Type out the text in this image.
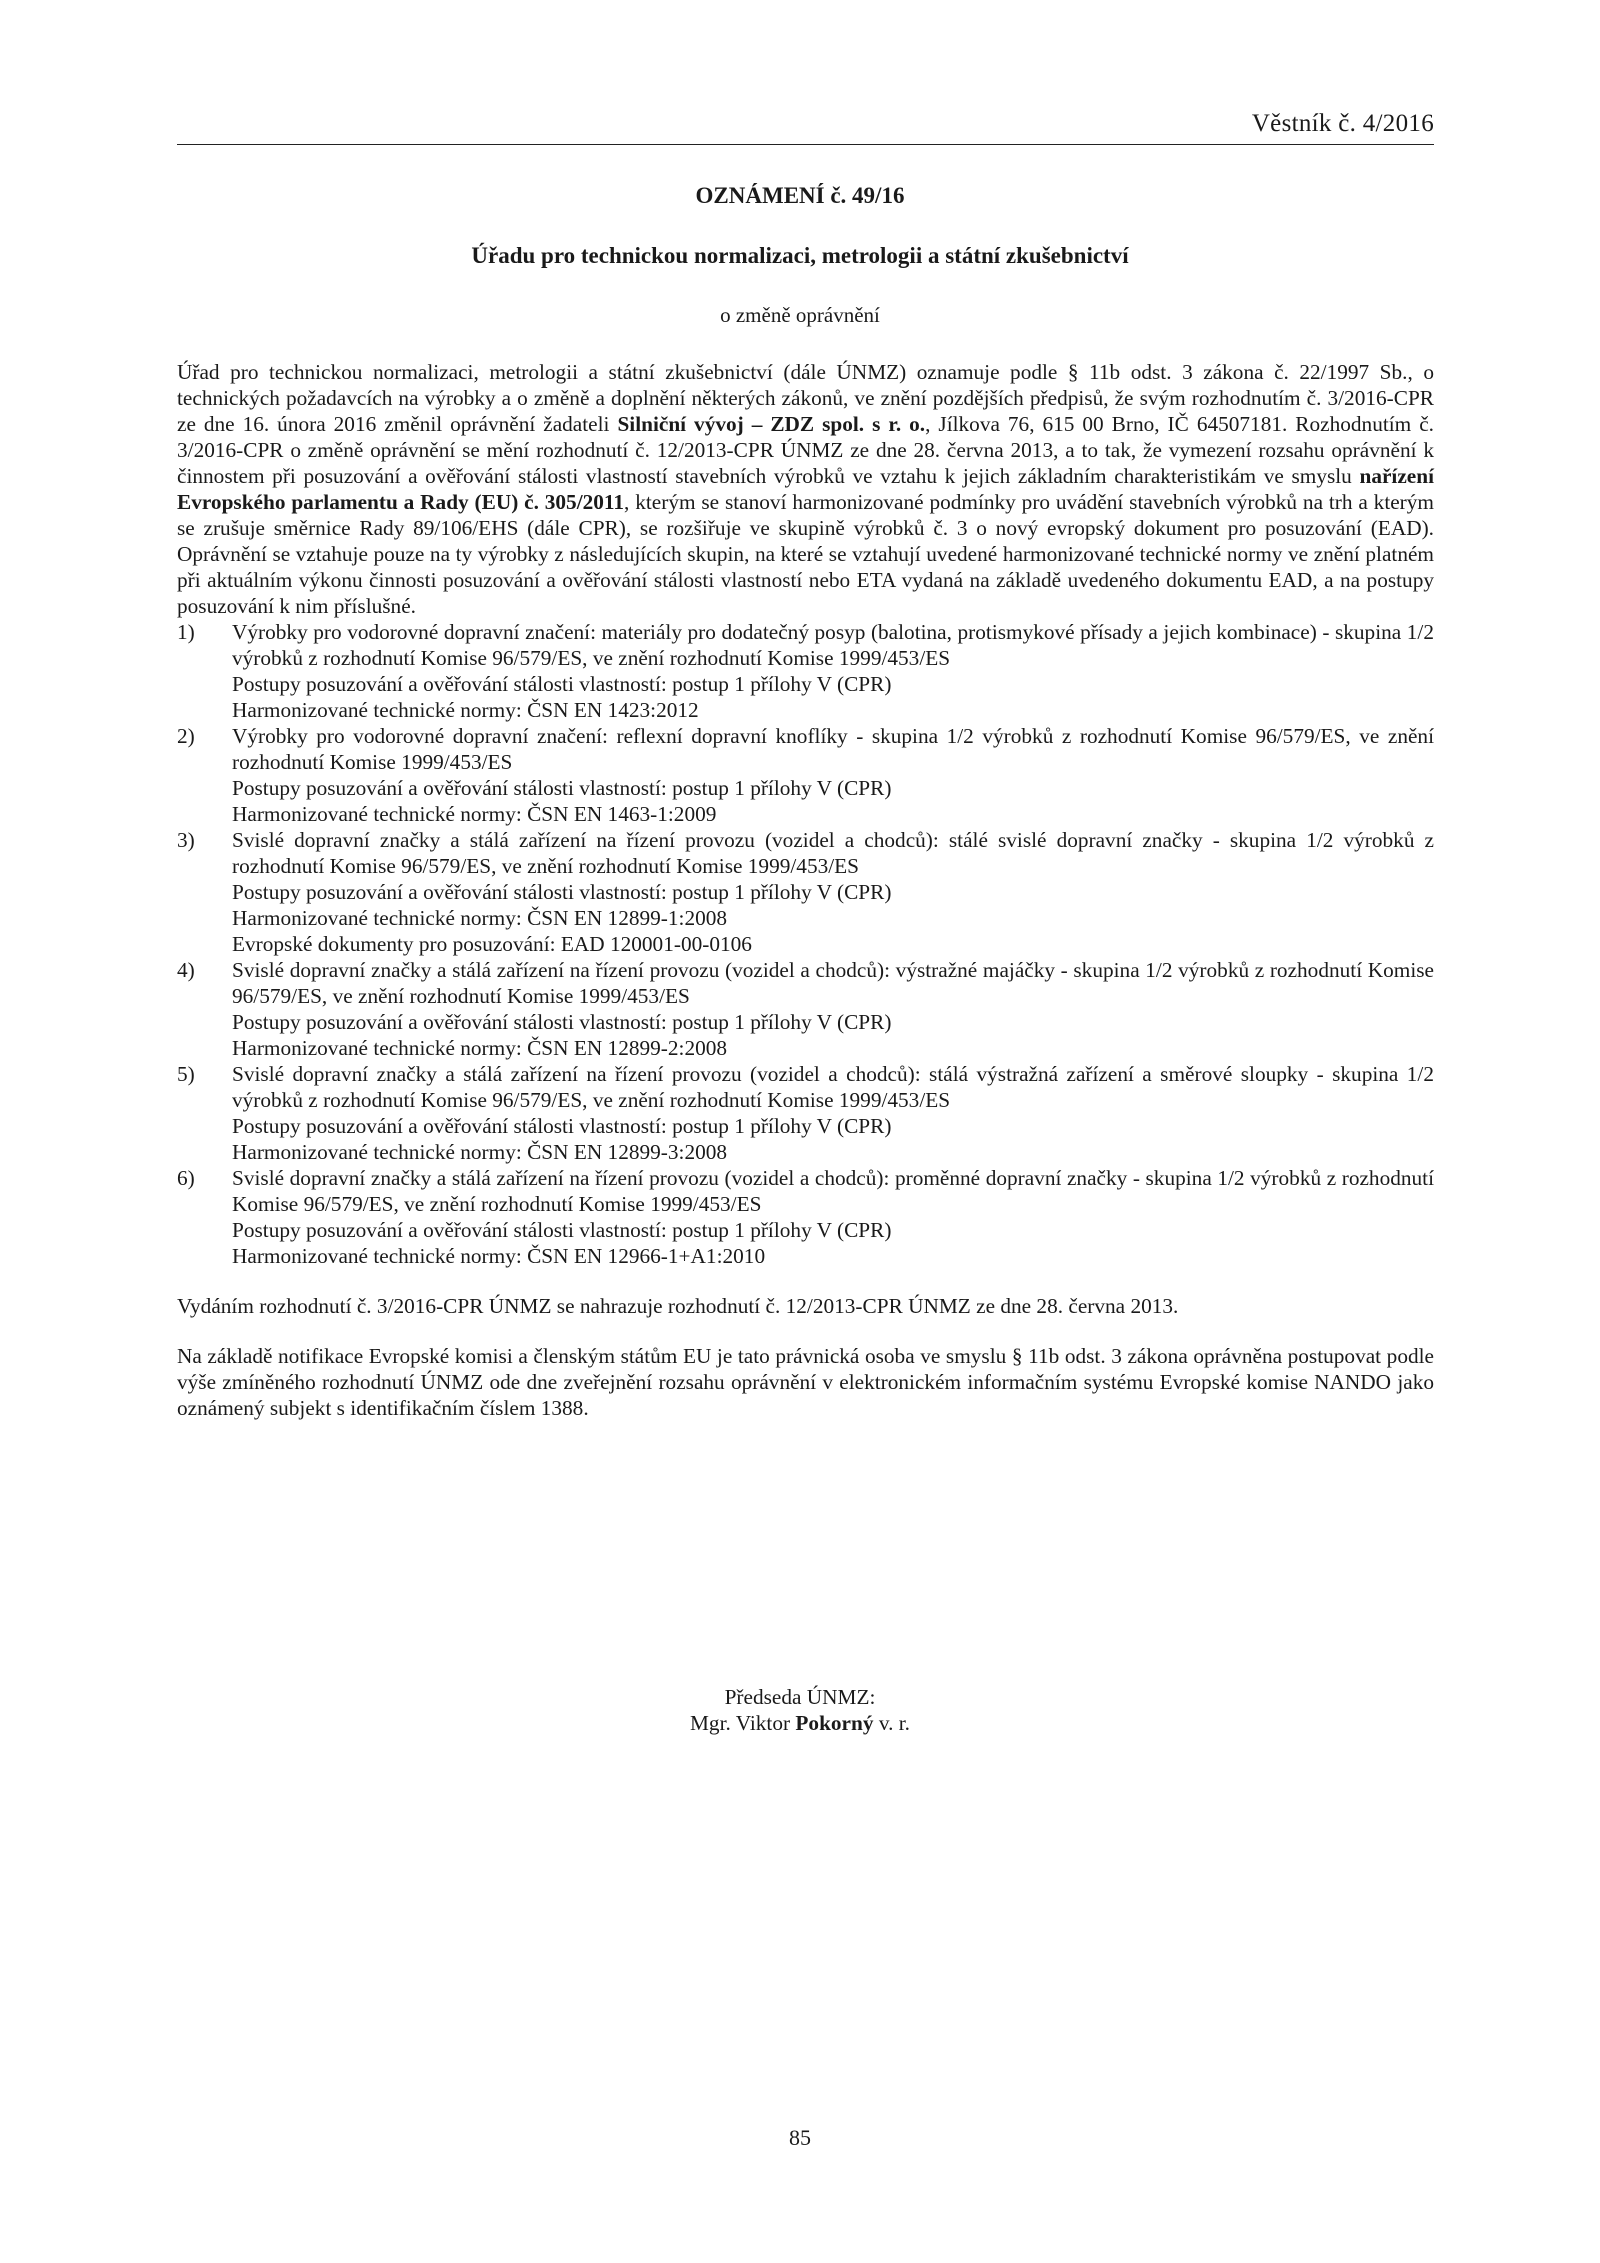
Věstník č. 4/2016
OZNÁMENÍ č. 49/16
Úřadu pro technickou normalizaci, metrologii a státní zkušebnictví
o změně oprávnění

Úřad pro technickou normalizaci, metrologii a státní zkušebnictví (dále ÚNMZ) oznamuje podle § 11b odst. 3 zákona č. 22/1997 Sb., o technických požadavcích na výrobky a o změně a doplnění některých zákonů, ve znění pozdějších předpisů, že svým rozhodnutím č. 3/2016-CPR ze dne 16. února 2016 změnil oprávnění žadateli Silniční vývoj – ZDZ spol. s r. o., Jílkova 76, 615 00 Brno, IČ 64507181. Rozhodnutím č. 3/2016-CPR o změně oprávnění se mění rozhodnutí č. 12/2013-CPR ÚNMZ ze dne 28. června 2013, a to tak, že vymezení rozsahu oprávnění k činnostem při posuzování a ověřování stálosti vlastností stavebních výrobků ve vztahu k jejich základním charakteristikám ve smyslu nařízení Evropského parlamentu a Rady (EU) č. 305/2011, kterým se stanoví harmonizované podmínky pro uvádění stavebních výrobků na trh a kterým se zrušuje směrnice Rady 89/106/EHS (dále CPR), se rozšiřuje ve skupině výrobků č. 3 o nový evropský dokument pro posuzování (EAD). Oprávnění se vztahuje pouze na ty výrobky z následujících skupin, na které se vztahují uvedené harmonizované technické normy ve znění platném při aktuálním výkonu činnosti posuzování a ověřování stálosti vlastností nebo ETA vydaná na základě uvedeného dokumentu EAD, a na postupy posuzování k nim příslušné.

1) Výrobky pro vodorovné dopravní značení: materiály pro dodatečný posyp (balotina, protismykové přísady a jejich kombinace) - skupina 1/2 výrobků z rozhodnutí Komise 96/579/ES, ve znění rozhodnutí Komise 1999/453/ES
Postupy posuzování a ověřování stálosti vlastností: postup 1 přílohy V (CPR)
Harmonizované technické normy: ČSN EN 1423:2012
2) Výrobky pro vodorovné dopravní značení: reflexní dopravní knoflíky - skupina 1/2 výrobků z rozhodnutí Komise 96/579/ES, ve znění rozhodnutí Komise 1999/453/ES
Postupy posuzování a ověřování stálosti vlastností: postup 1 přílohy V (CPR)
Harmonizované technické normy: ČSN EN 1463-1:2009
3) Svislé dopravní značky a stálá zařízení na řízení provozu (vozidel a chodců): stálé svislé dopravní značky - skupina 1/2 výrobků z rozhodnutí Komise 96/579/ES, ve znění rozhodnutí Komise 1999/453/ES
Postupy posuzování a ověřování stálosti vlastností: postup 1 přílohy V (CPR)
Harmonizované technické normy: ČSN EN 12899-1:2008
Evropské dokumenty pro posuzování: EAD 120001-00-0106
4) Svislé dopravní značky a stálá zařízení na řízení provozu (vozidel a chodců): výstražné majáčky - skupina 1/2 výrobků z rozhodnutí Komise 96/579/ES, ve znění rozhodnutí Komise 1999/453/ES
Postupy posuzování a ověřování stálosti vlastností: postup 1 přílohy V (CPR)
Harmonizované technické normy: ČSN EN 12899-2:2008
5) Svislé dopravní značky a stálá zařízení na řízení provozu (vozidel a chodců): stálá výstražná zařízení a směrové sloupky - skupina 1/2 výrobků z rozhodnutí Komise 96/579/ES, ve znění rozhodnutí Komise 1999/453/ES
Postupy posuzování a ověřování stálosti vlastností: postup 1 přílohy V (CPR)
Harmonizované technické normy: ČSN EN 12899-3:2008
6) Svislé dopravní značky a stálá zařízení na řízení provozu (vozidel a chodců): proměnné dopravní značky - skupina 1/2 výrobků z rozhodnutí Komise 96/579/ES, ve znění rozhodnutí Komise 1999/453/ES
Postupy posuzování a ověřování stálosti vlastností: postup 1 přílohy V (CPR)
Harmonizované technické normy: ČSN EN 12966-1+A1:2010

Vydáním rozhodnutí č. 3/2016-CPR ÚNMZ se nahrazuje rozhodnutí č. 12/2013-CPR ÚNMZ ze dne 28. června 2013.

Na základě notifikace Evropské komisi a členským státům EU je tato právnická osoba ve smyslu § 11b odst. 3 zákona oprávněna postupovat podle výše zmíněného rozhodnutí ÚNMZ ode dne zveřejnění rozsahu oprávnění v elektronickém informačním systému Evropské komise NANDO jako oznámený subjekt s identifikačním číslem 1388.

Předseda ÚNMZ:
Mgr. Viktor Pokorný v. r.
85
